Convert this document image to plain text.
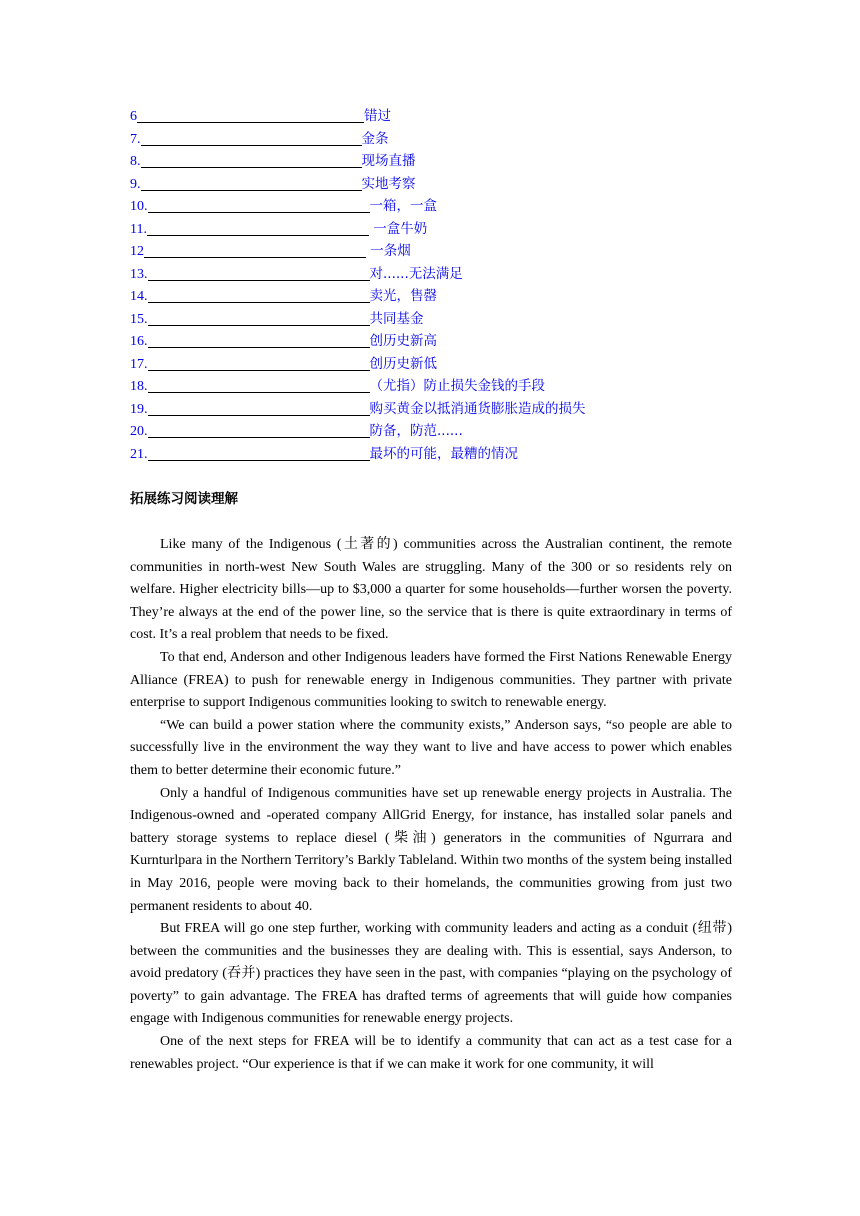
6	错过
7.	金条
8.	现场直播
9.	实地考察
10.	一箱，一盒
11.	一盒牛奶
12	一条烟
13.	对......无法满足
14.	卖光，售罄
15.	共同基金
16.	创历史新高
17.	创历史新低
18.	（尤指）防止损失金钱的手段
19.	购买黄金以抵消通货膨胀造成的损失
20.	防备，防范......
21.	最坏的可能，最糟的情况
拓展练习阅读理解

Like many of the Indigenous (土著的) communities across the Australian continent, the remote communities in north-west New South Wales are struggling. Many of the 300 or so residents rely on welfare. Higher electricity bills—up to $3,000 a quarter for some households—further worsen the poverty. They’re always at the end of the power line, so the service that is there is quite extraordinary in terms of cost. It’s a real problem that needs to be fixed.

To that end, Anderson and other Indigenous leaders have formed the First Nations Renewable Energy Alliance (FREA) to push for renewable energy in Indigenous communities. They partner with private enterprise to support Indigenous communities looking to switch to renewable energy.

“We can build a power station where the community exists,” Anderson says, “so people are able to successfully live in the environment the way they want to live and have access to power which enables them to better determine their economic future.”

Only a handful of Indigenous communities have set up renewable energy projects in Australia. The Indigenous-owned and -operated company AllGrid Energy, for instance, has installed solar panels and battery storage systems to replace diesel (柴油) generators in the communities of Ngurrara and Kurnturlpara in the Northern Territory’s Barkly Tableland. Within two months of the system being installed in May 2016, people were moving back to their homelands, the communities growing from just two permanent residents to about 40.

But FREA will go one step further, working with community leaders and acting as a conduit (纽带) between the communities and the businesses they are dealing with. This is essential, says Anderson, to avoid predatory (吞并) practices they have seen in the past, with companies “playing on the psychology of poverty” to gain advantage. The FREA has drafted terms of agreements that will guide how companies engage with Indigenous communities for renewable energy projects.

One of the next steps for FREA will be to identify a community that can act as a test case for a renewables project. “Our experience is that if we can make it work for one community, it will
